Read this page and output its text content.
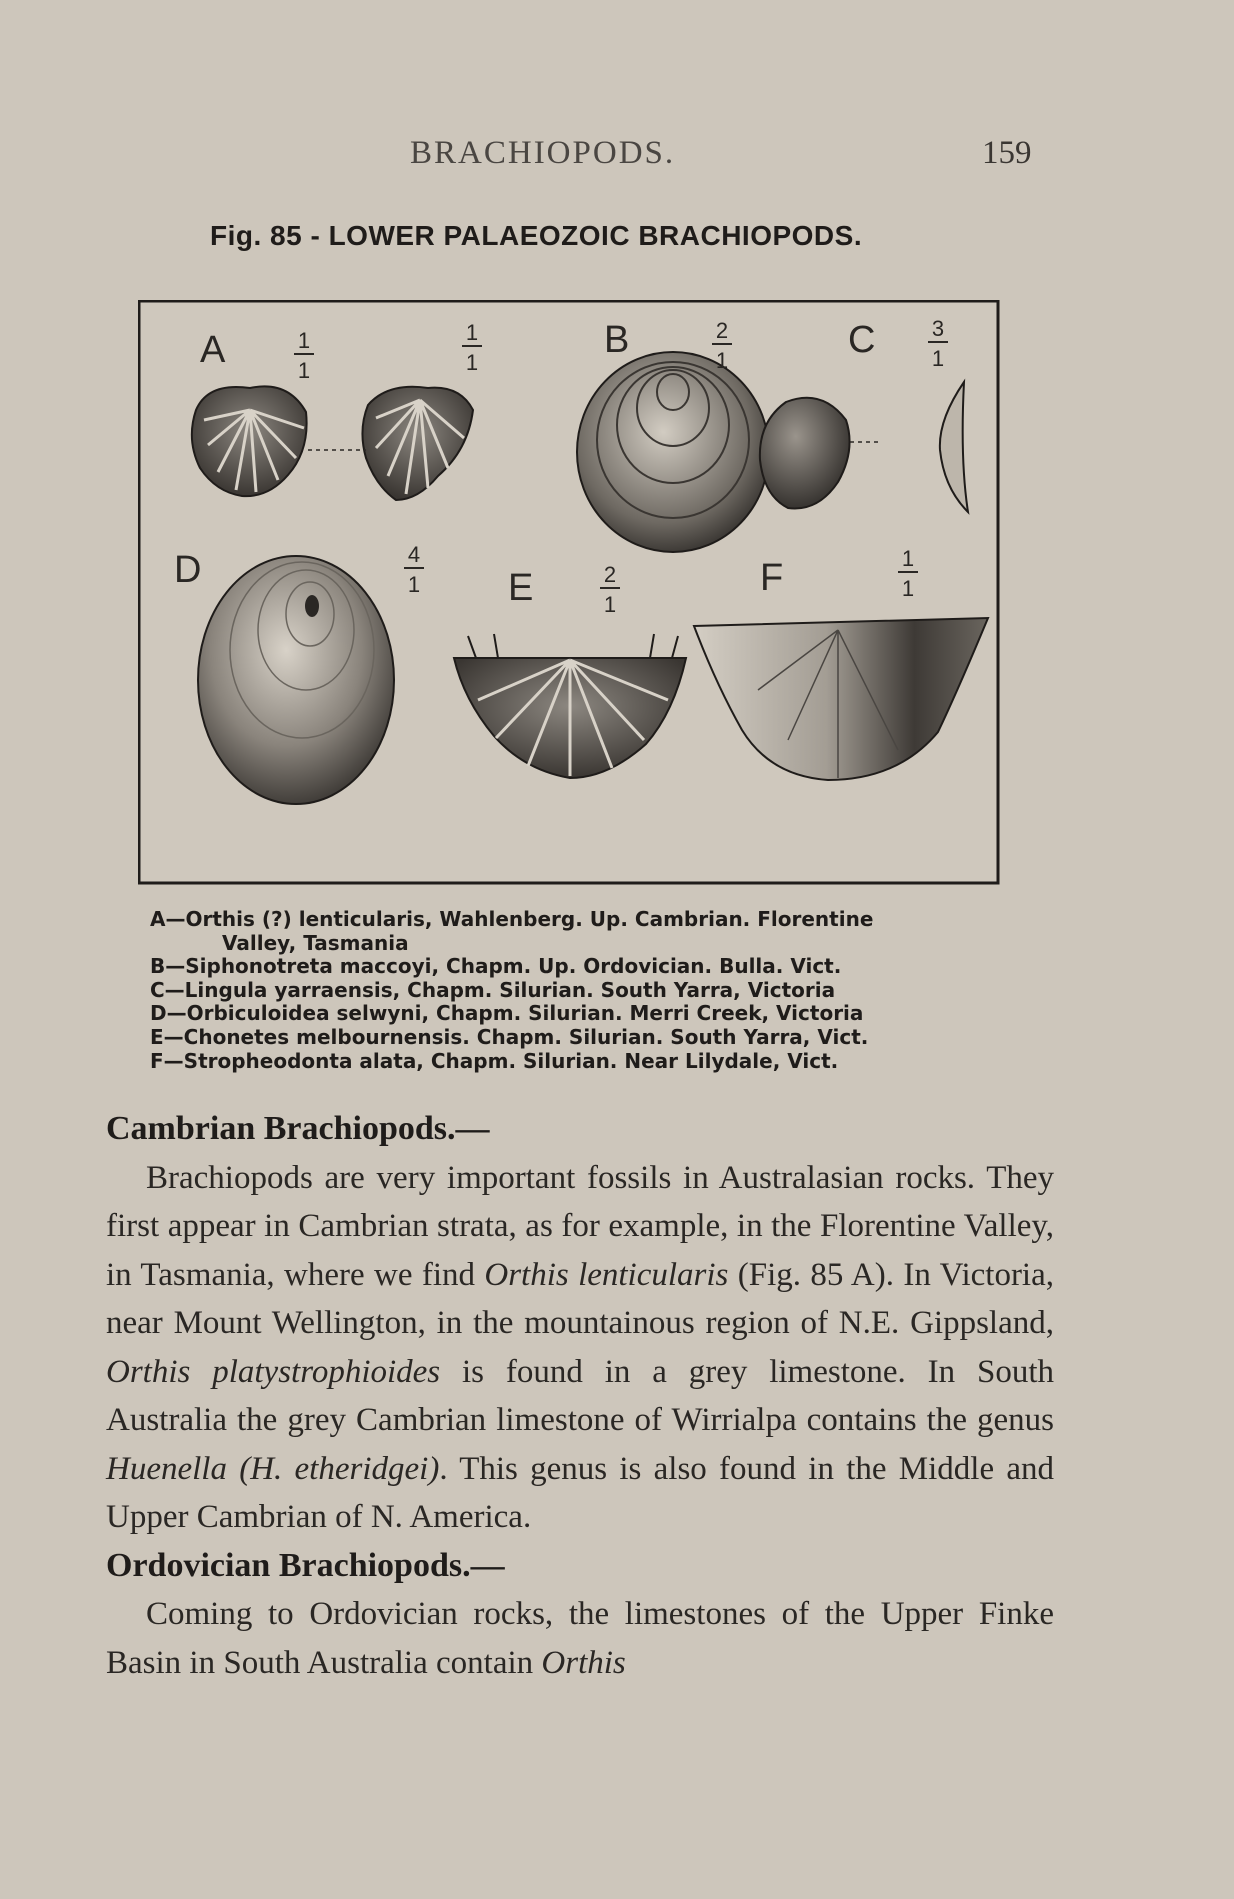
BRACHIOPODS.	159
Fig. 85 - LOWER PALAEOZOIC BRACHIOPODS.
A	B	C
D	E	F
1
1
1
1
2
1
3
1
4
1	2
1
1
1
A—Orthis (?) lenticularis, Wahlenberg. Up. Cambrian. Florentine
Valley, Tasmania
B—Siphonotreta maccoyi, Chapm. Up. Ordovician. Bulla. Vict.
C—Lingula yarraensis, Chapm. Silurian. South Yarra, Victoria
D—Orbiculoidea selwyni, Chapm. Silurian. Merri Creek, Victoria
E—Chonetes melbournensis. Chapm. Silurian. South Yarra, Vict.
F—Stropheodonta alata, Chapm. Silurian. Near Lilydale, Vict.
Cambrian Brachiopods.—

Brachiopods are very important fossils in Australasian rocks. They first appear in Cambrian strata, as for example, in the Florentine Valley, in Tasmania, where we find Orthis lenticularis (Fig. 85 A). In Victoria, near Mount Wellington, in the mountainous region of N.E. Gippsland, Orthis platystrophioides is found in a grey limestone. In South Australia the grey Cambrian limestone of Wirrialpa contains the genus Huenella (H. etheridgei). This genus is also found in the Middle and Upper Cambrian of N. America.

Ordovician Brachiopods.—

Coming to Ordovician rocks, the limestones of the Upper Finke Basin in South Australia contain Orthis
